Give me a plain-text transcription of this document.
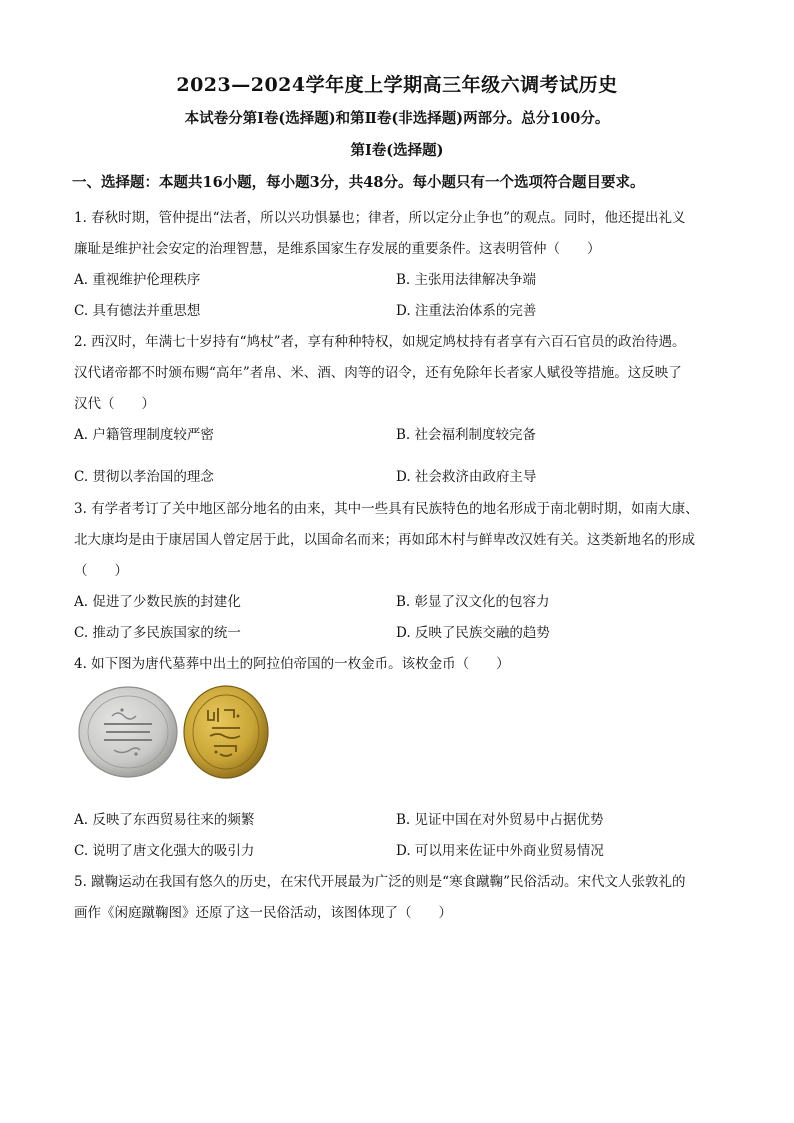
2023—2024学年度上学期高三年级六调考试历史
本试卷分第Ⅰ卷(选择题)和第Ⅱ卷(非选择题)两部分。总分100分。
第Ⅰ卷(选择题)
一、选择题：本题共16小题，每小题3分，共48分。每小题只有一个选项符合题目要求。
1. 春秋时期，管仲提出“法者，所以兴功惧暴也；律者，所以定分止争也”的观点。同时，他还提出礼义
廉耻是维护社会安定的治理智慧，是维系国家生存发展的重要条件。这表明管仲（　　）
A. 重视维护伦理秩序	B. 主张用法律解决争端
C. 具有德法并重思想	D. 注重法治体系的完善
2. 西汉时，年满七十岁持有“鸠杖”者，享有种种特权，如规定鸠杖持有者享有六百石官员的政治待遇。
汉代诸帝都不时颁布赐“高年”者帛、米、酒、肉等的诏令，还有免除年长者家人赋役等措施。这反映了
汉代（　　）
A. 户籍管理制度较严密	B. 社会福利制度较完备
C. 贯彻以孝治国的理念	D. 社会救济由政府主导
3. 有学者考订了关中地区部分地名的由来，其中一些具有民族特色的地名形成于南北朝时期，如南大康、
北大康均是由于康居国人曾定居于此，以国命名而来；再如邱木村与鲜卑改汉姓有关。这类新地名的形成
（　　）
A. 促进了少数民族的封建化	B. 彰显了汉文化的包容力
C. 推动了多民族国家的统一	D. 反映了民族交融的趋势
4. 如下图为唐代墓葬中出土的阿拉伯帝国的一枚金币。该枚金币（　　）
A. 反映了东西贸易往来的频繁	B. 见证中国在对外贸易中占据优势
C. 说明了唐文化强大的吸引力	D. 可以用来佐证中外商业贸易情况
5. 蹴鞠运动在我国有悠久的历史，在宋代开展最为广泛的则是“寒食蹴鞠”民俗活动。宋代文人张敦礼的
画作《闲庭蹴鞠图》还原了这一民俗活动，该图体现了（　　）
